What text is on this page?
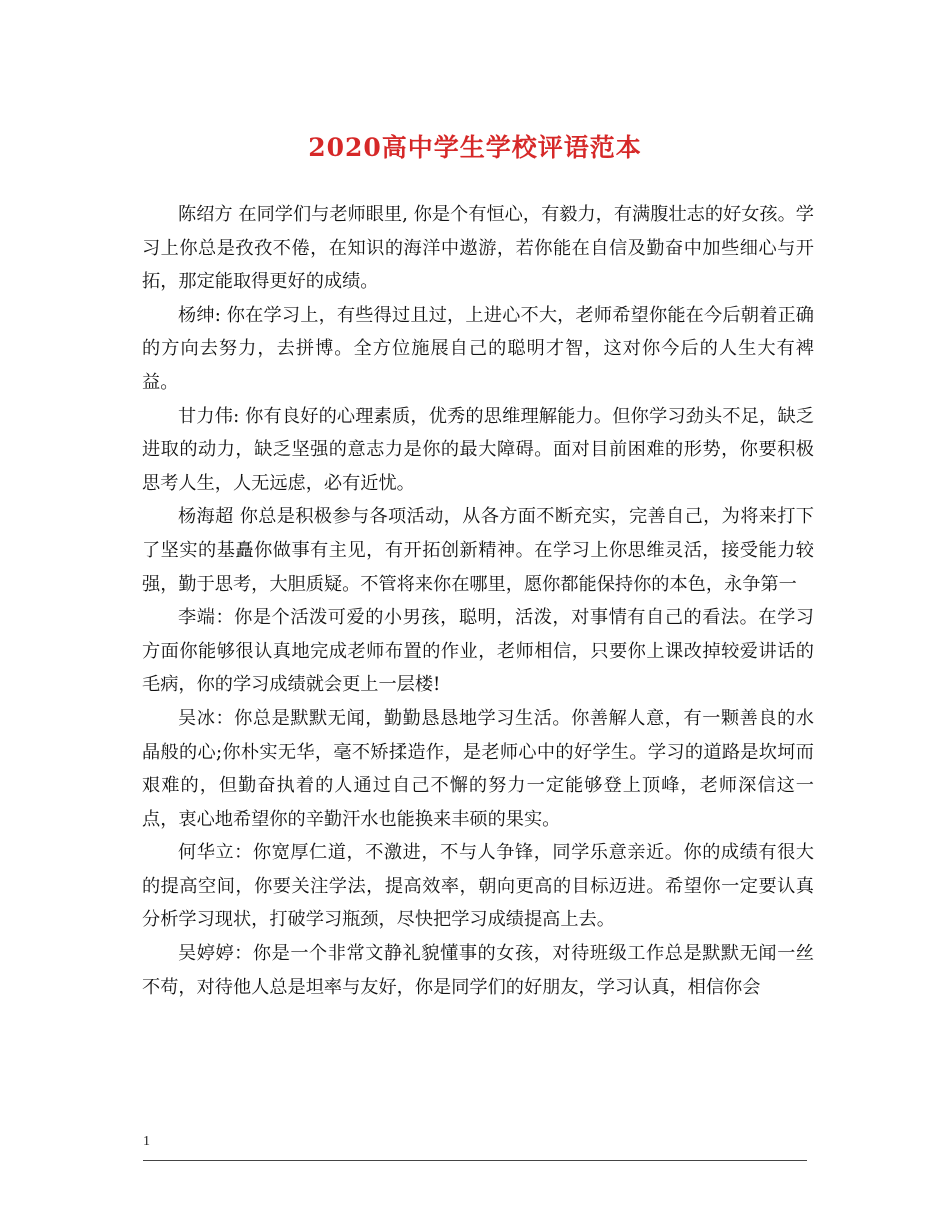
2020高中学生学校评语范本

陈绍方 在同学们与老师眼里, 你是个有恒心，有毅力，有满腹壮志的好女孩。学习上你总是孜孜不倦，在知识的海洋中遨游，若你能在自信及勤奋中加些细心与开拓，那定能取得更好的成绩。

杨绅: 你在学习上，有些得过且过，上进心不大，老师希望你能在今后朝着正确的方向去努力，去拼博。全方位施展自己的聪明才智，这对你今后的人生大有裨益。

甘力伟: 你有良好的心理素质，优秀的思维理解能力。但你学习劲头不足，缺乏进取的动力，缺乏坚强的意志力是你的最大障碍。面对目前困难的形势，你要积极思考人生，人无远虑，必有近忧。

杨海超 你总是积极参与各项活动，从各方面不断充实，完善自己，为将来打下了坚实的基矗你做事有主见，有开拓创新精神。在学习上你思维灵活，接受能力较强，勤于思考，大胆质疑。不管将来你在哪里，愿你都能保持你的本色，永争第一

李端：你是个活泼可爱的小男孩，聪明，活泼，对事情有自己的看法。在学习方面你能够很认真地完成老师布置的作业，老师相信，只要你上课改掉较爱讲话的毛病，你的学习成绩就会更上一层楼!

吴冰：你总是默默无闻，勤勤恳恳地学习生活。你善解人意，有一颗善良的水晶般的心;你朴实无华，毫不矫揉造作，是老师心中的好学生。学习的道路是坎坷而艰难的，但勤奋执着的人通过自己不懈的努力一定能够登上顶峰，老师深信这一点，衷心地希望你的辛勤汗水也能换来丰硕的果实。

何华立：你宽厚仁道，不激进，不与人争锋，同学乐意亲近。你的成绩有很大的提高空间，你要关注学法，提高效率，朝向更高的目标迈进。希望你一定要认真分析学习现状，打破学习瓶颈，尽快把学习成绩提高上去。

吴婷婷：你是一个非常文静礼貌懂事的女孩，对待班级工作总是默默无闻一丝不苟，对待他人总是坦率与友好，你是同学们的好朋友，学习认真，相信你会

1
